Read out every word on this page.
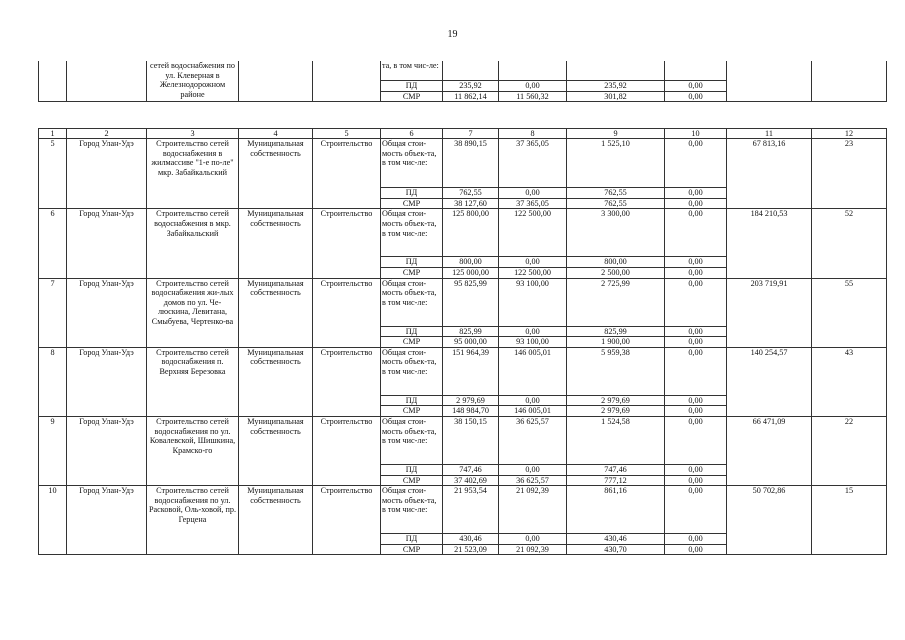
19
		сетей водоснабжения по ул. Клеверная в Железнодорожном районе			та, в том чис-ле:						
					ПД	235,92	0,00	235,92	0,00		
					СМР	11 862,14	11 560,32	301,82	0,00		

1	2	3	4	5	6	7	8	9	10	11	12
5	Город Улан-Удэ	Строительство сетей водоснабжения в жилмассиве "1-е по-ле" мкр. Забайкальский	Муниципальная собственность	Строительство	Общая стои-мость объек-та, в том чис-ле:	38 890,15	37 365,05	1 525,10	0,00	67 813,16	23
					ПД	762,55	0,00	762,55	0,00		
					СМР	38 127,60	37 365,05	762,55	0,00		
6	Город Улан-Удэ	Строительство сетей водоснабжения в мкр. Забайкальский	Муниципальная собственность	Строительство	Общая стои-мость объек-та, в том чис-ле:	125 800,00	122 500,00	3 300,00	0,00	184 210,53	52
					ПД	800,00	0,00	800,00	0,00		
					СМР	125 000,00	122 500,00	2 500,00	0,00		
7	Город Улан-Удэ	Строительство сетей водоснабжения жи-лых домов по ул. Че-люскина, Левитана, Смыбуева, Чертенко-ва	Муниципальная собственность	Строительство	Общая стои-мость объек-та, в том чис-ле:	95 825,99	93 100,00	2 725,99	0,00	203 719,91	55
					ПД	825,99	0,00	825,99	0,00		
					СМР	95 000,00	93 100,00	1 900,00	0,00		
8	Город Улан-Удэ	Строительство сетей водоснабжения п. Верхняя Березовка	Муниципальная собственность	Строительство	Общая стои-мость объек-та, в том чис-ле:	151 964,39	146 005,01	5 959,38	0,00	140 254,57	43
					ПД	2 979,69	0,00	2 979,69	0,00		
					СМР	148 984,70	146 005,01	2 979,69	0,00		
9	Город Улан-Удэ	Строительство сетей водоснабжения по ул. Ковалевской, Шишкина, Крамско-го	Муниципальная собственность	Строительство	Общая стои-мость объек-та, в том чис-ле:	38 150,15	36 625,57	1 524,58	0,00	66 471,09	22
					ПД	747,46	0,00	747,46	0,00		
					СМР	37 402,69	36 625,57	777,12	0,00		
10	Город Улан-Удэ	Строительство сетей водоснабжения по ул. Расковой, Оль-ховой, пр. Герцена	Муниципальная собственность	Строительство	Общая стои-мость объек-та, в том чис-ле:	21 953,54	21 092,39	861,16	0,00	50 702,86	15
					ПД	430,46	0,00	430,46	0,00		
					СМР	21 523,09	21 092,39	430,70	0,00		
